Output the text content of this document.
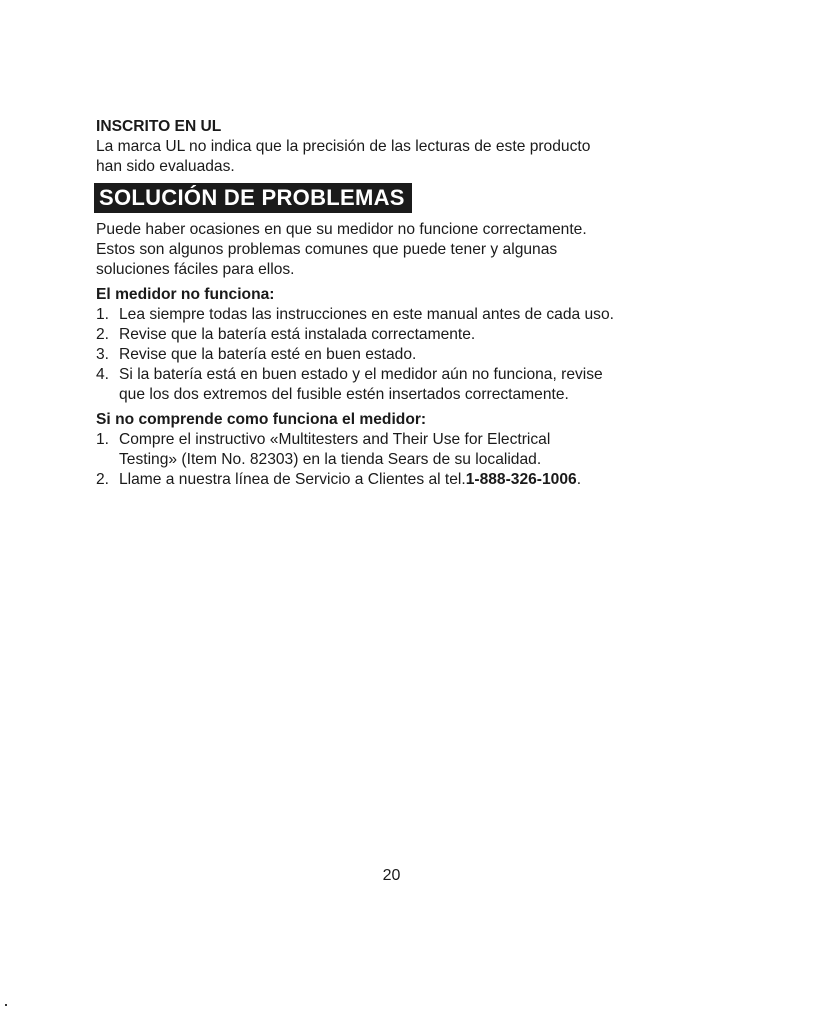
INSCRITO EN UL

La marca UL no indica que la precisión de las lecturas de este producto

han sido evaluadas.

SOLUCIÓN DE PROBLEMAS

Puede haber ocasiones en que su medidor no funcione correctamente.

Estos son algunos problemas comunes que puede tener y algunas

soluciones fáciles para ellos.

El medidor no funciona:
1. Lea siempre todas las instrucciones en este manual antes de cada uso.
2. Revise que la batería está instalada correctamente.
3. Revise que la batería esté en buen estado.
4. Si la batería está en buen estado y el medidor aún no funciona, revise
que los dos extremos del fusible estén insertados correctamente.
Si no comprende como funciona el medidor:
1. Compre el instructivo «Multitesters and Their Use for Electrical
Testing» (Item No. 82303) en la tienda Sears de su localidad.
2. Llame a nuestra línea de Servicio a Clientes al tel.1-888-326-1006.
20
